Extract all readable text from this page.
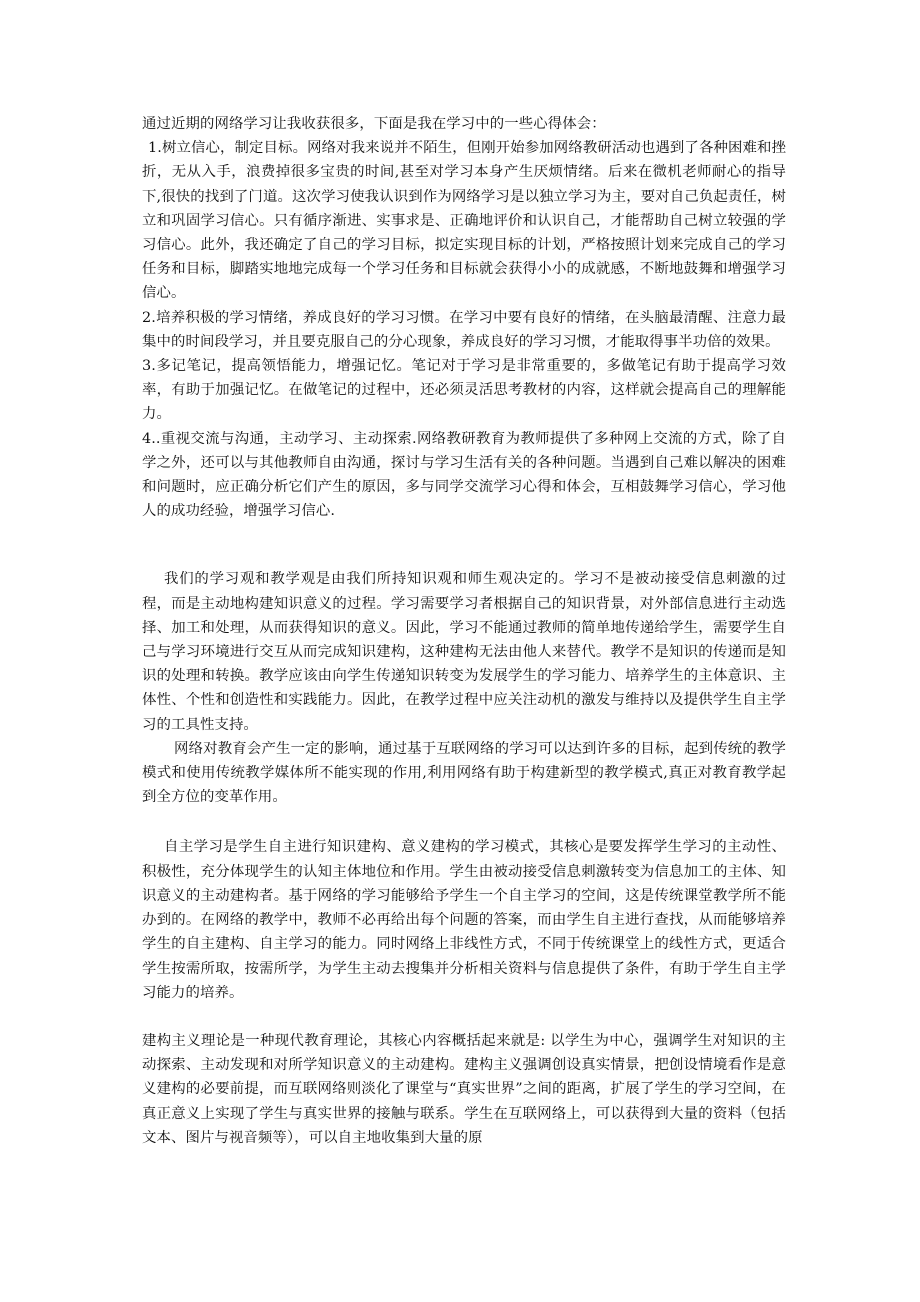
通过近期的网络学习让我收获很多，下面是我在学习中的一些心得体会：

1.树立信心，制定目标。网络对我来说并不陌生，但刚开始参加网络教研活动也遇到了各种困难和挫折，无从入手，浪费掉很多宝贵的时间,甚至对学习本身产生厌烦情绪。后来在微机老师耐心的指导下,很快的找到了门道。这次学习使我认识到作为网络学习是以独立学习为主，要对自己负起责任，树立和巩固学习信心。只有循序渐进、实事求是、正确地评价和认识自己，才能帮助自己树立较强的学习信心。此外，我还确定了自己的学习目标，拟定实现目标的计划，严格按照计划来完成自己的学习任务和目标，脚踏实地地完成每一个学习任务和目标就会获得小小的成就感，不断地鼓舞和增强学习信心。

2.培养积极的学习情绪，养成良好的学习习惯。在学习中要有良好的情绪，在头脑最清醒、注意力最集中的时间段学习，并且要克服自己的分心现象，养成良好的学习习惯，才能取得事半功倍的效果。

3.多记笔记，提高领悟能力，增强记忆。笔记对于学习是非常重要的，多做笔记有助于提高学习效率，有助于加强记忆。在做笔记的过程中，还必须灵活思考教材的内容，这样就会提高自己的理解能力。

4..重视交流与沟通，主动学习、主动探索.网络教研教育为教师提供了多种网上交流的方式，除了自学之外，还可以与其他教师自由沟通，探讨与学习生活有关的各种问题。当遇到自己难以解决的困难和问题时，应正确分析它们产生的原因，多与同学交流学习心得和体会，互相鼓舞学习信心，学习他人的成功经验，增强学习信心.

我们的学习观和教学观是由我们所持知识观和师生观决定的。学习不是被动接受信息刺激的过程，而是主动地构建知识意义的过程。学习需要学习者根据自己的知识背景，对外部信息进行主动选择、加工和处理，从而获得知识的意义。因此，学习不能通过教师的简单地传递给学生，需要学生自己与学习环境进行交互从而完成知识建构，这种建构无法由他人来替代。教学不是知识的传递而是知识的处理和转换。教学应该由向学生传递知识转变为发展学生的学习能力、培养学生的主体意识、主体性、个性和创造性和实践能力。因此，在教学过程中应关注动机的激发与维持以及提供学生自主学习的工具性支持。

网络对教育会产生一定的影响，通过基于互联网络的学习可以达到许多的目标，起到传统的教学模式和使用传统教学媒体所不能实现的作用,利用网络有助于构建新型的教学模式,真正对教育教学起到全方位的变革作用。

自主学习是学生自主进行知识建构、意义建构的学习模式，其核心是要发挥学生学习的主动性、积极性，充分体现学生的认知主体地位和作用。学生由被动接受信息刺激转变为信息加工的主体、知识意义的主动建构者。基于网络的学习能够给予学生一个自主学习的空间，这是传统课堂教学所不能办到的。在网络的教学中，教师不必再给出每个问题的答案，而由学生自主进行查找，从而能够培养学生的自主建构、自主学习的能力。同时网络上非线性方式，不同于传统课堂上的线性方式，更适合学生按需所取，按需所学，为学生主动去搜集并分析相关资料与信息提供了条件，有助于学生自主学习能力的培养。

建构主义理论是一种现代教育理论，其核心内容概括起来就是: 以学生为中心，强调学生对知识的主动探索、主动发现和对所学知识意义的主动建构。建构主义强调创设真实情景，把创设情境看作是意义建构的必要前提，而互联网络则淡化了课堂与“真实世界”之间的距离，扩展了学生的学习空间，在真正意义上实现了学生与真实世界的接触与联系。学生在互联网络上，可以获得到大量的资料（包括文本、图片与视音频等），可以自主地收集到大量的原
